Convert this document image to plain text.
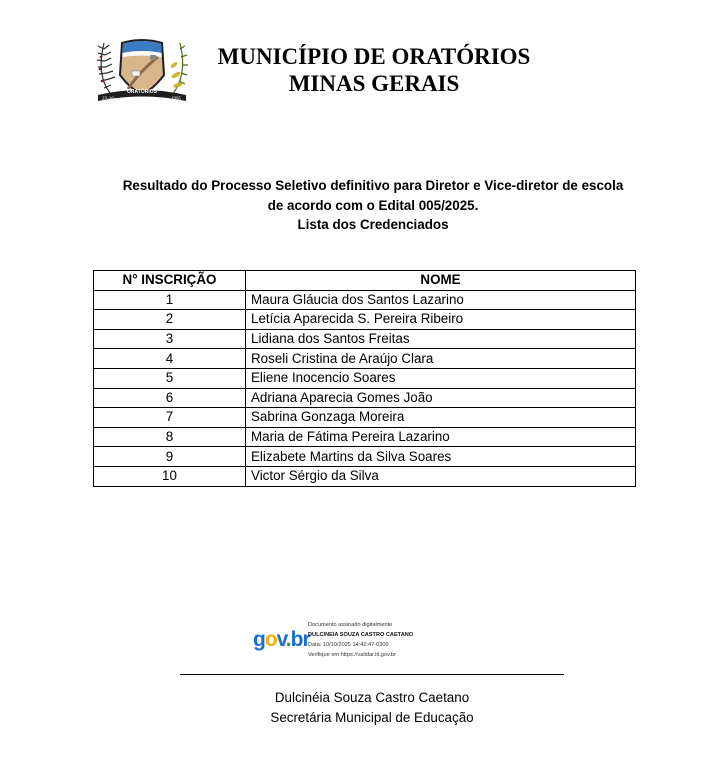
ORATÓRIOS
22-10	1995
MUNICÍPIO DE ORATÓRIOS
MINAS GERAIS
Resultado do Processo Seletivo definitivo para Diretor e Vice-diretor de escola
de acordo com o Edital 005/2025.
Lista dos Credenciados
N° INSCRIÇÃO	NOME
1	Maura Gláucia dos Santos Lazarino
2	Letícia Aparecida S. Pereira Ribeiro
3	Lidiana dos Santos Freitas
4	Roseli Cristina de Araújo Clara
5	Eliene Inocencio Soares
6	Adriana Aparecia Gomes João
7	Sabrina Gonzaga Moreira
8	Maria de Fátima Pereira Lazarino
9	Elizabete Martins da Silva Soares
10	Victor Sérgio da Silva
gov.br
Documento assinado digitalmente
DULCINEIA SOUZA CASTRO CAETANO
Data: 10/10/2025 14:42:47-0300
Verifique em https://validar.iti.gov.br
Dulcinéia Souza Castro Caetano
Secretária Municipal de Educação
